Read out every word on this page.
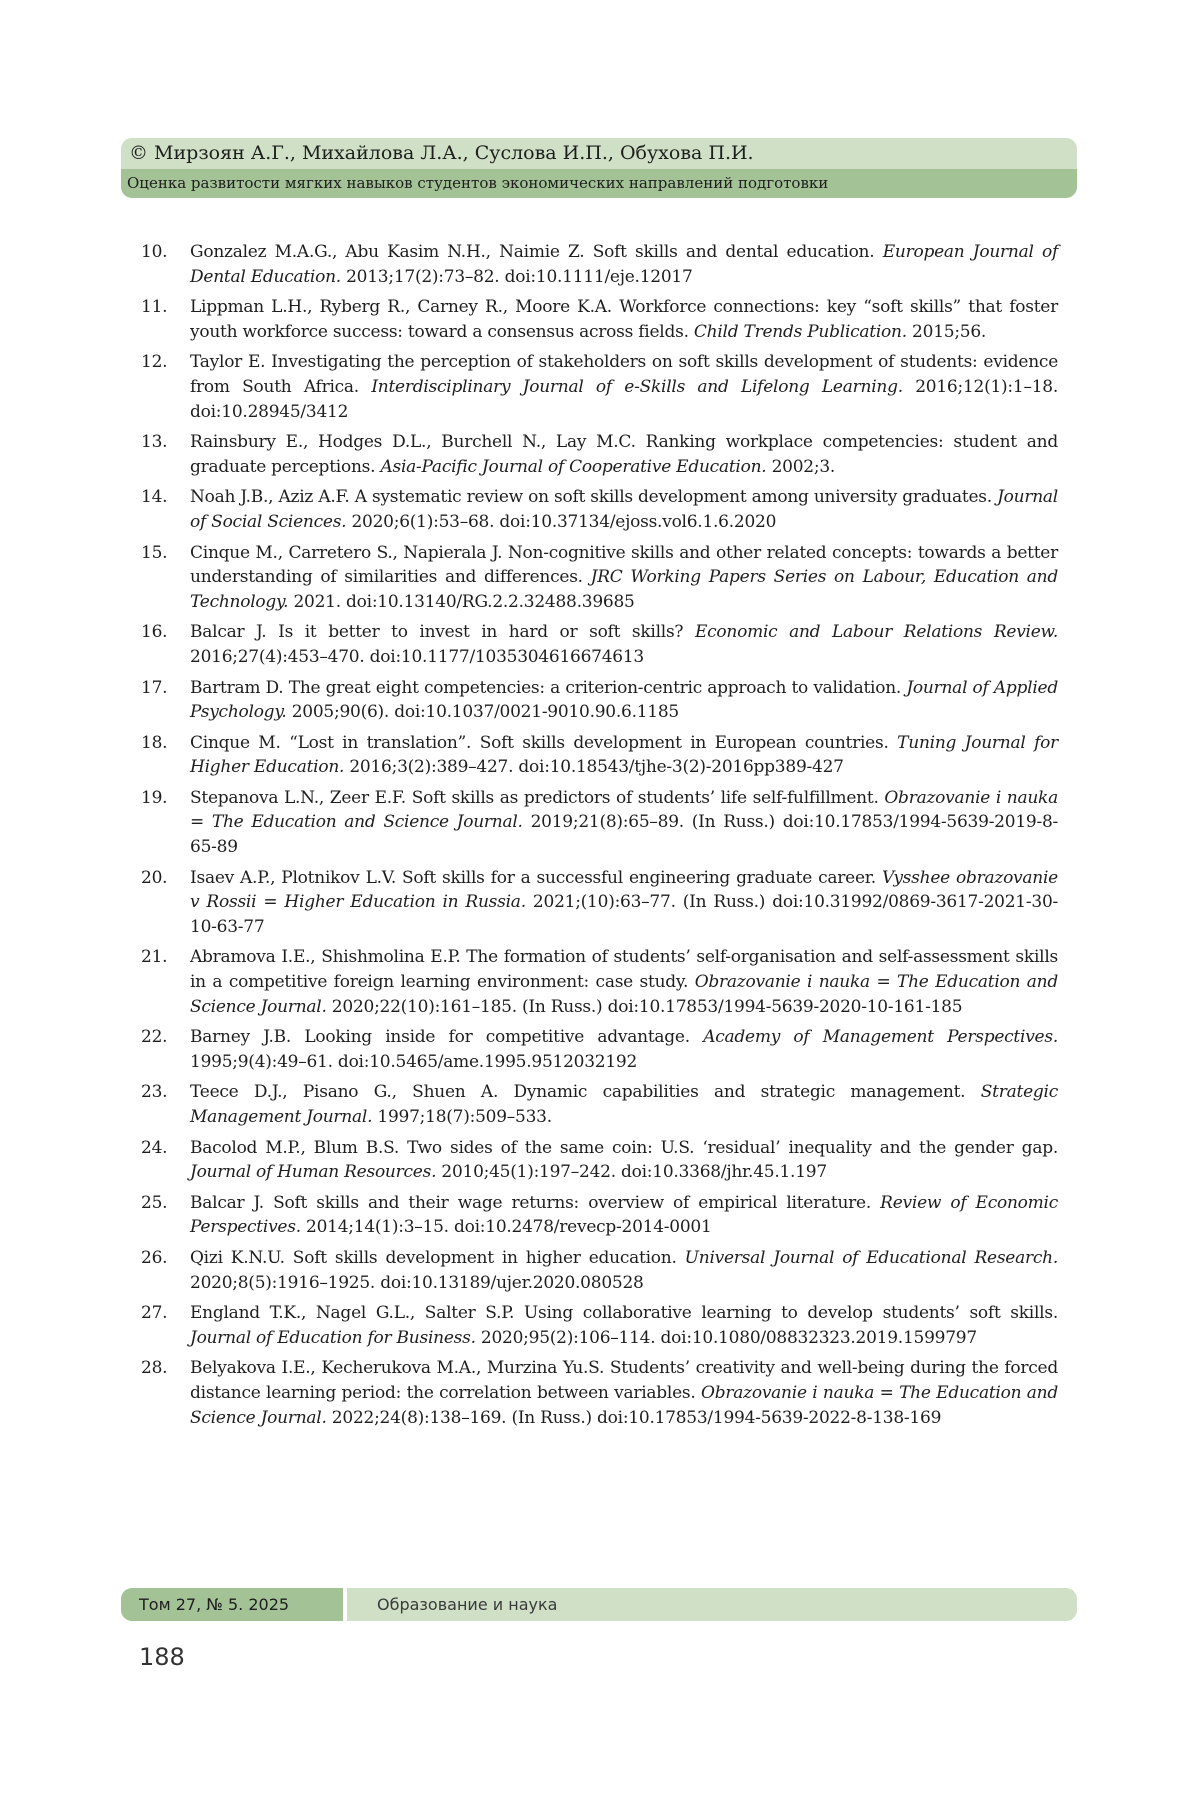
© Мирзоян А.Г., Михайлова Л.А., Суслова И.П., Обухова П.И.
Оценка развитости мягких навыков студентов экономических направлений подготовки
10. Gonzalez M.A.G., Abu Kasim N.H., Naimie Z. Soft skills and dental education. European Journal of Dental Education. 2013;17(2):73–82. doi:10.1111/eje.12017
11. Lippman L.H., Ryberg R., Carney R., Moore K.A. Workforce connections: key “soft skills” that foster youth workforce success: toward a consensus across fields. Child Trends Publication. 2015;56.
12. Taylor E. Investigating the perception of stakeholders on soft skills development of students: evidence from South Africa. Interdisciplinary Journal of e-Skills and Lifelong Learning. 2016;12(1):1–18. doi:10.28945/3412
13. Rainsbury E., Hodges D.L., Burchell N., Lay M.C. Ranking workplace competencies: student and graduate perceptions. Asia-Pacific Journal of Cooperative Education. 2002;3.
14. Noah J.B., Aziz A.F. A systematic review on soft skills development among university graduates. Journal of Social Sciences. 2020;6(1):53–68. doi:10.37134/ejoss.vol6.1.6.2020
15. Cinque M., Carretero S., Napierala J. Non-cognitive skills and other related concepts: towards a better understanding of similarities and differences. JRC Working Papers Series on Labour, Education and Technology. 2021. doi:10.13140/RG.2.2.32488.39685
16. Balcar J. Is it better to invest in hard or soft skills? Economic and Labour Relations Review. 2016;27(4):453–470. doi:10.1177/1035304616674613
17. Bartram D. The great eight competencies: a criterion-centric approach to validation. Journal of Applied Psychology. 2005;90(6). doi:10.1037/0021-9010.90.6.1185
18. Cinque M. “Lost in translation”. Soft skills development in European countries. Tuning Journal for Higher Education. 2016;3(2):389–427. doi:10.18543/tjhe-3(2)-2016pp389-427
19. Stepanova L.N., Zeer E.F. Soft skills as predictors of students’ life self-fulfillment. Obrazovanie i nauka = The Education and Science Journal. 2019;21(8):65–89. (In Russ.) doi:10.17853/1994-5639-2019-8-65-89
20. Isaev A.P., Plotnikov L.V. Soft skills for a successful engineering graduate career. Vysshee obrazovanie v Rossii = Higher Education in Russia. 2021;(10):63–77. (In Russ.) doi:10.31992/0869-3617-2021-30-10-63-77
21. Abramova I.E., Shishmolina E.P. The formation of students’ self-organisation and self-assessment skills in a competitive foreign learning environment: case study. Obrazovanie i nauka = The Education and Science Journal. 2020;22(10):161–185. (In Russ.) doi:10.17853/1994-5639-2020-10-161-185
22. Barney J.B. Looking inside for competitive advantage. Academy of Management Perspectives. 1995;9(4):49–61. doi:10.5465/ame.1995.9512032192
23. Teece D.J., Pisano G., Shuen A. Dynamic capabilities and strategic management. Strategic Management Journal. 1997;18(7):509–533.
24. Bacolod M.P., Blum B.S. Two sides of the same coin: U.S. ‘residual’ inequality and the gender gap. Journal of Human Resources. 2010;45(1):197–242. doi:10.3368/jhr.45.1.197
25. Balcar J. Soft skills and their wage returns: overview of empirical literature. Review of Economic Perspectives. 2014;14(1):3–15. doi:10.2478/revecp-2014-0001
26. Qizi K.N.U. Soft skills development in higher education. Universal Journal of Educational Research. 2020;8(5):1916–1925. doi:10.13189/ujer.2020.080528
27. England T.K., Nagel G.L., Salter S.P. Using collaborative learning to develop students’ soft skills. Journal of Education for Business. 2020;95(2):106–114. doi:10.1080/08832323.2019.1599797
28. Belyakova I.E., Kecherukova M.A., Murzina Yu.S. Students’ creativity and well-being during the forced distance learning period: the correlation between variables. Obrazovanie i nauka = The Education and Science Journal. 2022;24(8):138–169. (In Russ.) doi:10.17853/1994-5639-2022-8-138-169
Том 27, № 5. 2025	Образование и наука
188
